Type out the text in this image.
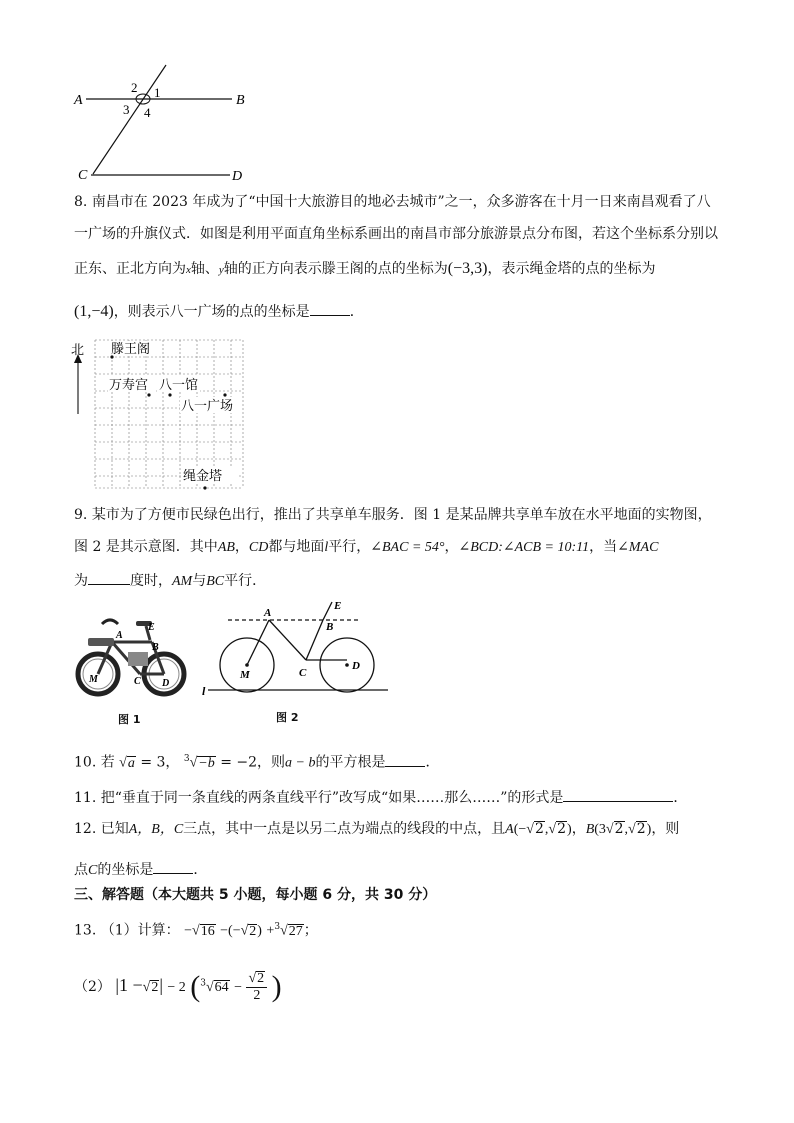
A	B
C	D
1
2
3 4
8. 南昌市在 2023 年成为了“中国十大旅游目的地必去城市”之一，众多游客在十月一日来南昌观看了八
一广场的升旗仪式．如图是利用平面直角坐标系画出的南昌市部分旅游景点分布图，若这个坐标系分别以
正东、正北方向为x轴、y轴的正方向表示滕王阁的点的坐标为(−3,3)，表示绳金塔的点的坐标为
(1,−4)，则表示八一广场的点的坐标是	．
北 滕王阁
万寿宫 八一馆
八一广场
绳金塔
9. 某市为了方便市民绿色出行，推出了共享单车服务．图 1 是某品牌共享单车放在水平地面的实物图，
图 2 是其示意图．其中AB，CD都与地面l平行，∠BAC = 54°，∠BCD:∠ACB = 10:11，当∠MAC
为	度时，AM与BC平行．
A
E
B
C D
M
图 1
A
E
B
C
D
M
l
图 2
10. 若 √a = 3， $^3$√−b = −2，则a − b的平方根是	．
11. 把“垂直于同一条直线的两条直线平行”改写成“如果……那么……”的形式是	．
12. 已知A，B，C三点，其中一点是以另二点为端点的线段的中点，且A(−√2,√2)，B(3√2,√2)，则
点C的坐标是	．
三、解答题（本大题共 5 小题，每小题 6 分，共 30 分）
13. （1）计算： −√16 −(−√2) +$^3$√27；
（2） |1 −√2| − 2 ($^3√64 - \frac{√2}{2}$ )
